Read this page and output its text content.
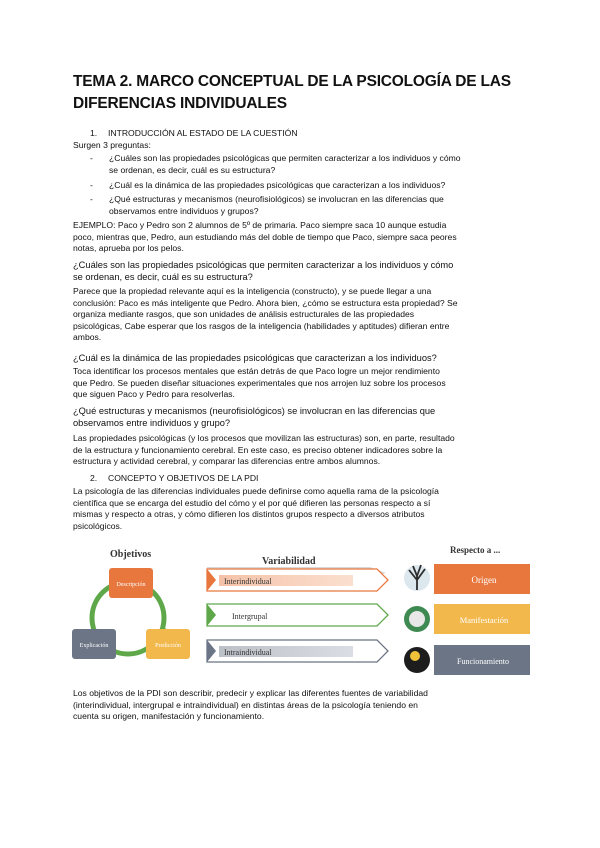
TEMA 2. MARCO CONCEPTUAL DE LA PSICOLOGÍA DE LAS
DIFERENCIAS INDIVIDUALES
1. INTRODUCCIÓN AL ESTADO DE LA CUESTIÓN
Surgen 3 preguntas:
- ¿Cuáles son las propiedades psicológicas que permiten caracterizar a los individuos y cómo
se ordenan, es decir, cuál es su estructura?
- ¿Cuál es la dinámica de las propiedades psicológicas que caracterizan a los individuos?
- ¿Qué estructuras y mecanismos (neurofisiológicos) se involucran en las diferencias que
observamos entre individuos y grupos?
EJEMPLO: Paco y Pedro son 2 alumnos de 5º de primaria. Paco siempre saca 10 aunque estudia
poco, mientras que, Pedro, aun estudiando más del doble de tiempo que Paco, siempre saca peores
notas, aprueba por los pelos.
¿Cuáles son las propiedades psicológicas que permiten caracterizar a los individuos y cómo
se ordenan, es decir, cuál es su estructura?
Parece que la propiedad relevante aquí es la inteligencia (constructo), y se puede llegar a una
conclusión: Paco es más inteligente que Pedro. Ahora bien, ¿cómo se estructura esta propiedad? Se
organiza mediante rasgos, que son unidades de análisis estructurales de las propiedades
psicológicas, Cabe esperar que los rasgos de la inteligencia (habilidades y aptitudes) difieran entre
ambos.
¿Cuál es la dinámica de las propiedades psicológicas que caracterizan a los individuos?
Toca identificar los procesos mentales que están detrás de que Paco logre un mejor rendimiento
que Pedro. Se pueden diseñar situaciones experimentales que nos arrojen luz sobre los procesos
que siguen Paco y Pedro para resolverlas.
¿Qué estructuras y mecanismos (neurofisiológicos) se involucran en las diferencias que
observamos entre individuos y grupo?
Las propiedades psicológicas (y los procesos que movilizan las estructuras) son, en parte, resultado
de la estructura y funcionamiento cerebral. En este caso, es preciso obtener indicadores sobre la
estructura y actividad cerebral, y comparar las diferencias entre ambos alumnos.
2. CONCEPTO Y OBJETIVOS DE LA PDI
La psicología de las diferencias individuales puede definirse como aquella rama de la psicología
científica que se encarga del estudio del cómo y el por qué difieren las personas respecto a sí
mismas y respecto a otras, y cómo difieren los distintos grupos respecto a diversos atributos
psicológicos.
Objetivos
Descripción
Explicación	Predicción
Variabilidad
Interindividual
Intergrupal
Intraindividual
Respecto a ...
Origen
Manifestación
Funcionamiento
Los objetivos de la PDI son describir, predecir y explicar las diferentes fuentes de variabilidad
(interindividual, intergrupal e intraindividual) en distintas áreas de la psicología teniendo en
cuenta su origen, manifestación y funcionamiento.
